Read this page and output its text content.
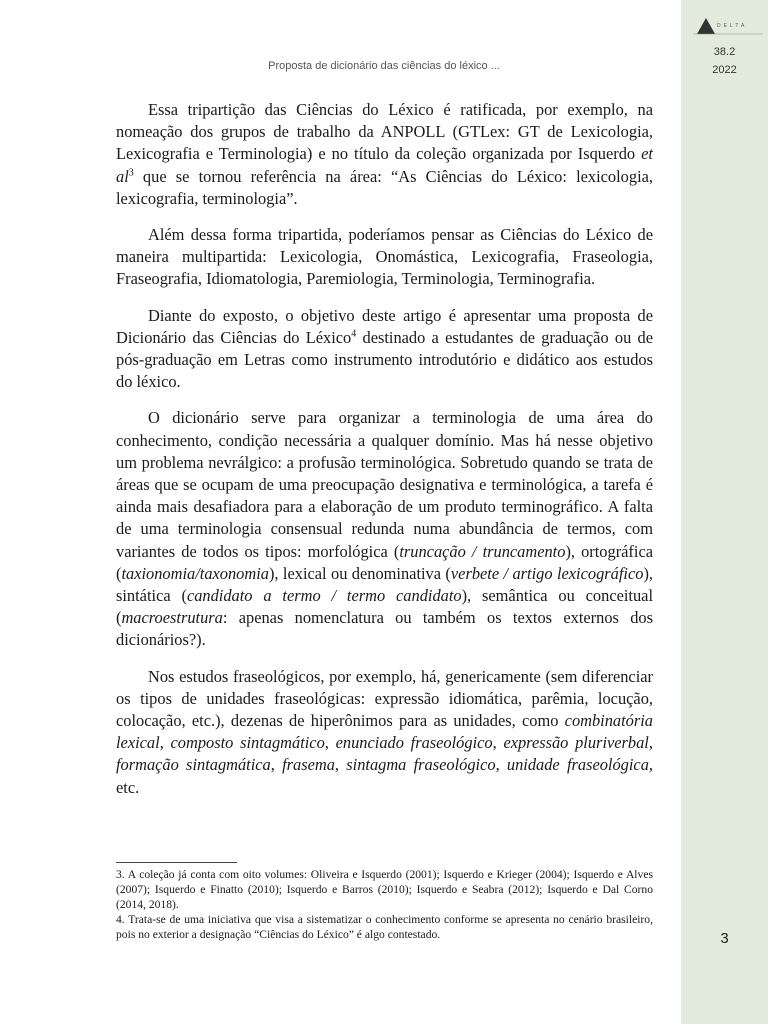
DELTA
38.2
2022
3
Proposta de dicionário das ciências do léxico ...

Essa tripartição das Ciências do Léxico é ratificada, por exemplo, na nomeação dos grupos de trabalho da ANPOLL (GTLex: GT de Lexicologia, Lexicografia e Terminologia) e no título da coleção organizada por Isquerdo et $al^3$ que se tornou referência na área: “As Ciências do Léxico: lexicologia, lexicografia, terminologia”.

Além dessa forma tripartida, poderíamos pensar as Ciências do Léxico de maneira multipartida: Lexicologia, Onomástica, Lexicografia, Fraseologia, Fraseografia, Idiomatologia, Paremiologia, Terminologia, Terminografia.

Diante do exposto, o objetivo deste artigo é apresentar uma proposta de Dicionário das Ciências do Léxico$^4$ destinado a estudantes de graduação ou de pós-graduação em Letras como instrumento introdutório e didático aos estudos do léxico.

O dicionário serve para organizar a terminologia de uma área do conhecimento, condição necessária a qualquer domínio. Mas há nesse objetivo um problema nevrálgico: a profusão terminológica. Sobretudo quando se trata de áreas que se ocupam de uma preocupação designativa e terminológica, a tarefa é ainda mais desafiadora para a elaboração de um produto terminográfico. A falta de uma terminologia consensual redunda numa abundância de termos, com variantes de todos os tipos: morfológica (truncação / truncamento), ortográfica (taxionomia/taxonomia), lexical ou denominativa (verbete / artigo lexicográfico), sintática (candidato a termo / termo candidato), semântica ou conceitual (macroestrutura: apenas nomenclatura ou também os textos externos dos dicionários?).

Nos estudos fraseológicos, por exemplo, há, genericamente (sem diferenciar os tipos de unidades fraseológicas: expressão idiomática, parêmia, locução, colocação, etc.), dezenas de hiperônimos para as unidades, como combinatória lexical, composto sintagmático, enunciado fraseológico, expressão pluriverbal, formação sintagmática, frasema, sintagma fraseológico, unidade fraseológica, etc.

3. A coleção já conta com oito volumes: Oliveira e Isquerdo (2001); Isquerdo e Krieger (2004); Isquerdo e Alves (2007); Isquerdo e Finatto (2010); Isquerdo e Barros (2010); Isquerdo e Seabra (2012); Isquerdo e Dal Corno (2014, 2018).

4. Trata-se de uma iniciativa que visa a sistematizar o conhecimento conforme se apresenta no cenário brasileiro, pois no exterior a designação “Ciências do Léxico” é algo contestado.
